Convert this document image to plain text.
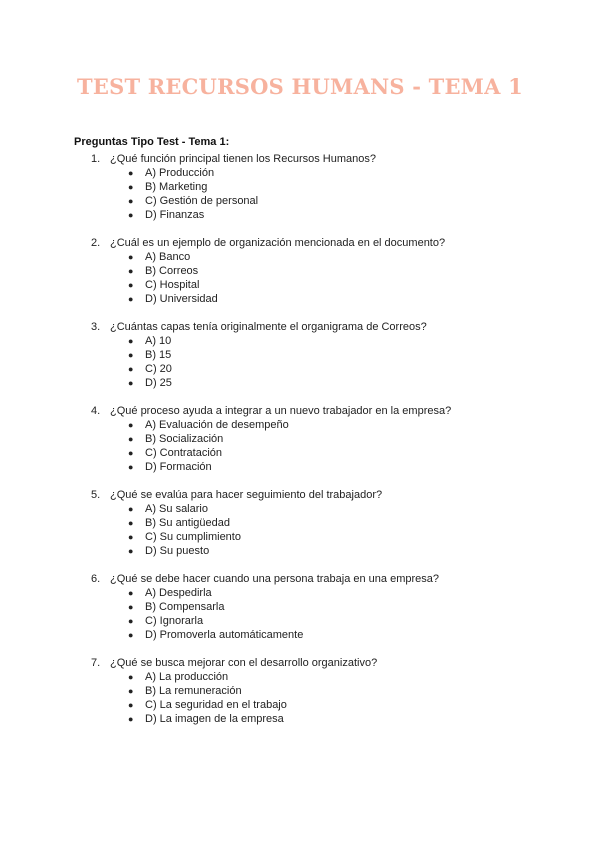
TEST RECURSOS HUMANS - TEMA 1

Preguntas Tipo Test - Tema 1:

1. ¿Qué función principal tienen los Recursos Humanos?
● A) Producción
● B) Marketing
● C) Gestión de personal
● D) Finanzas
2. ¿Cuál es un ejemplo de organización mencionada en el documento?
● A) Banco
● B) Correos
● C) Hospital
● D) Universidad
3. ¿Cuántas capas tenía originalmente el organigrama de Correos?
● A) 10
● B) 15
● C) 20
● D) 25
4. ¿Qué proceso ayuda a integrar a un nuevo trabajador en la empresa?
● A) Evaluación de desempeño
● B) Socialización
● C) Contratación
● D) Formación
5. ¿Qué se evalúa para hacer seguimiento del trabajador?
● A) Su salario
● B) Su antigüedad
● C) Su cumplimiento
● D) Su puesto
6. ¿Qué se debe hacer cuando una persona trabaja en una empresa?
● A) Despedirla
● B) Compensarla
● C) Ignorarla
● D) Promoverla automáticamente
7. ¿Qué se busca mejorar con el desarrollo organizativo?
● A) La producción
● B) La remuneración
● C) La seguridad en el trabajo
● D) La imagen de la empresa
